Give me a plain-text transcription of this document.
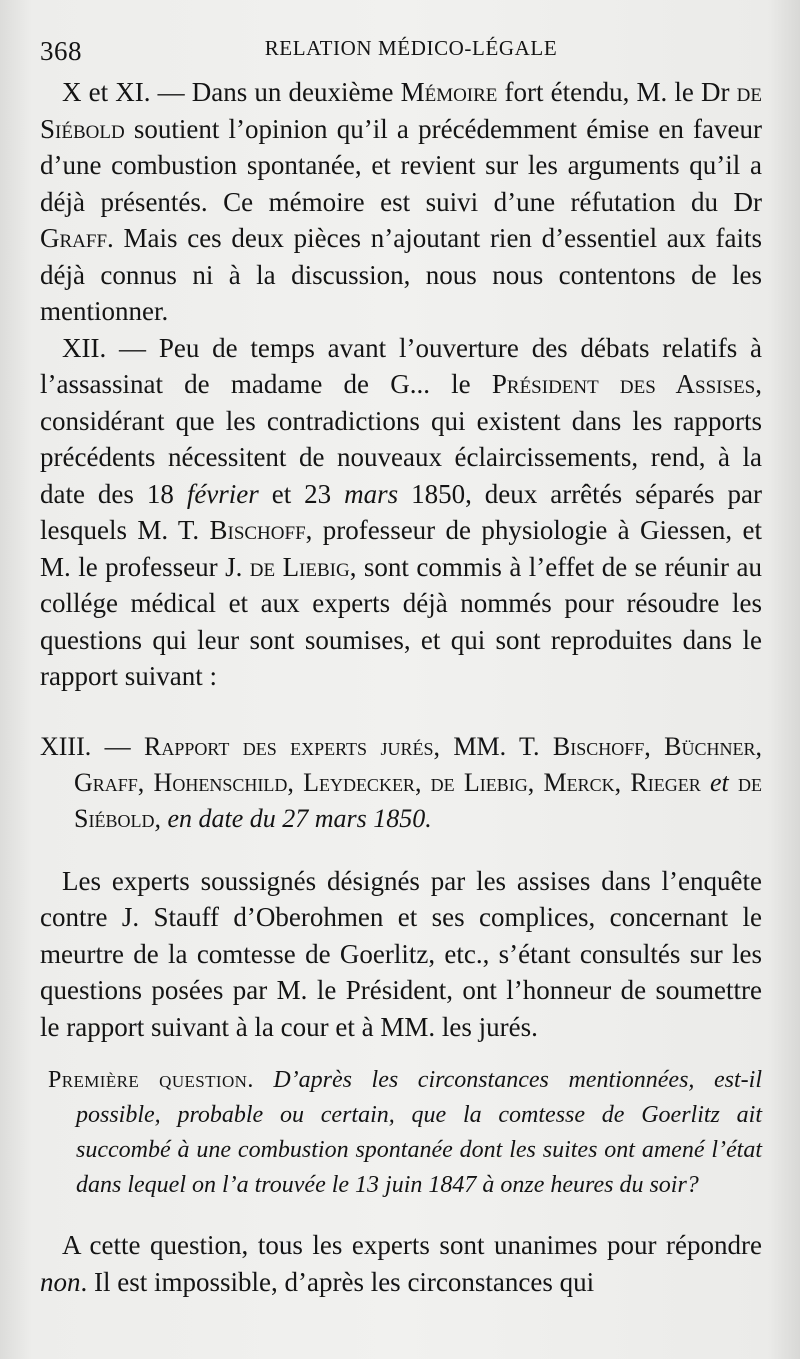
368	RELATION MÉDICO-LÉGALE

X et XI. — Dans un deuxième Mémoire fort étendu, M. le Dr de Siébold soutient l’opinion qu’il a précédemment émise en faveur d’une combustion spontanée, et revient sur les arguments qu’il a déjà présentés. Ce mémoire est suivi d’une réfutation du Dr Graff. Mais ces deux pièces n’ajoutant rien d’essentiel aux faits déjà connus ni à la discussion, nous nous contentons de les mentionner.

XII. — Peu de temps avant l’ouverture des débats relatifs à l’assassinat de madame de G... le Président des Assises, considérant que les contradictions qui existent dans les rapports précédents nécessitent de nouveaux éclaircissements, rend, à la date des 18 février et 23 mars 1850, deux arrêtés séparés par lesquels M. T. Bischoff, professeur de physiologie à Giessen, et M. le professeur J. de Liebig, sont commis à l’effet de se réunir au collége médical et aux experts déjà nommés pour résoudre les questions qui leur sont soumises, et qui sont reproduites dans le rapport suivant :

XIII. — Rapport des experts jurés, MM. T. Bischoff, Büchner, Graff, Hohenschild, Leydecker, de Liebig, Merck, Rieger et de Siébold, en date du 27 mars 1850.

Les experts soussignés désignés par les assises dans l’enquête contre J. Stauff d’Oberohmen et ses complices, concernant le meurtre de la comtesse de Goerlitz, etc., s’étant consultés sur les questions posées par M. le Président, ont l’honneur de soumettre le rapport suivant à la cour et à MM. les jurés.

Première question. D’après les circonstances mentionnées, est-il possible, probable ou certain, que la comtesse de Goerlitz ait succombé à une combustion spontanée dont les suites ont amené l’état dans lequel on l’a trouvée le 13 juin 1847 à onze heures du soir?

A cette question, tous les experts sont unanimes pour répondre non. Il est impossible, d’après les circonstances qui
